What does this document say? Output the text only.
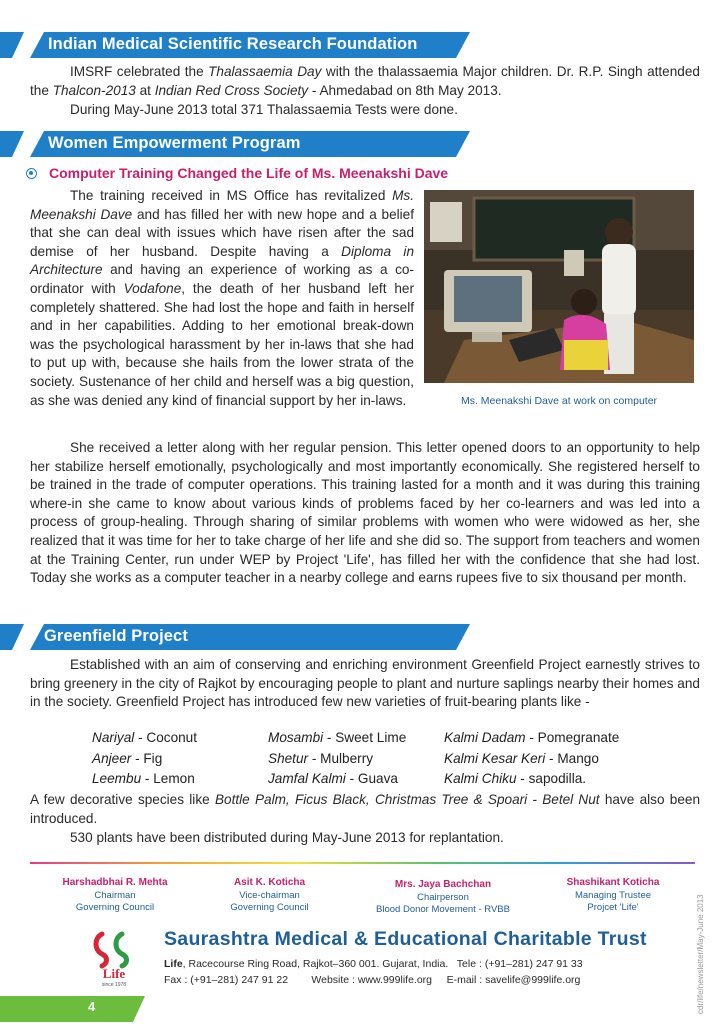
Indian Medical Scientific Research Foundation
IMSRF celebrated the Thalassaemia Day with the thalassaemia Major children. Dr. R.P. Singh attended the Thalcon-2013 at Indian Red Cross Society - Ahmedabad on 8th May 2013.
During May-June 2013 total 371 Thalassaemia Tests were done.
Women Empowerment Program
Computer Training Changed the Life of Ms. Meenakshi Dave
The training received in MS Office has revitalized Ms. Meenakshi Dave and has filled her with new hope and a belief that she can deal with issues which have risen after the sad demise of her husband. Despite having a Diploma in Architecture and having an experience of working as a co-ordinator with Vodafone, the death of her husband left her completely shattered. She had lost the hope and faith in herself and in her capabilities. Adding to her emotional break-down was the psychological harassment by her in-laws that she had to put up with, because she hails from the lower strata of the society. Sustenance of her child and herself was a big question, as she was denied any kind of financial support by her in-laws.	Ms. Meenakshi Dave at work on computer
She received a letter along with her regular pension. This letter opened doors to an opportunity to help her stabilize herself emotionally, psychologically and most importantly economically. She registered herself to be trained in the trade of computer operations. This training lasted for a month and it was during this training where-in she came to know about various kinds of problems faced by her co-learners and was led into a process of group-healing. Through sharing of similar problems with women who were widowed as her, she realized that it was time for her to take charge of her life and she did so. The support from teachers and women at the Training Center, run under WEP by Project 'Life', has filled her with the confidence that she had lost. Today she works as a computer teacher in a nearby college and earns rupees five to six thousand per month.
Greenfield Project
Established with an aim of conserving and enriching environment Greenfield Project earnestly strives to bring greenery in the city of Rajkot by encouraging people to plant and nurture saplings nearby their homes and in the society. Greenfield Project has introduced few new varieties of fruit-bearing plants like -
Nariyal - Coconut	Mosambi - Sweet Lime	Kalmi Dadam - Pomegranate
Anjeer - Fig	Shetur - Mulberry	Kalmi Kesar Keri - Mango
Leembu - Lemon	Jamfal Kalmi - Guava	Kalmi Chiku - sapodilla.
A few decorative species like Bottle Palm, Ficus Black, Christmas Tree & Spoari - Betel Nut have also been introduced.
530 plants have been distributed during May-June 2013 for replantation.
Harshadbhai R. Mehta
Chairman
Governing Council
Asit K. Koticha
Vice-chairman
Governing Council
Mrs. Jaya Bachchan
Chairperson
Blood Donor Movement - RVBB
Shashikant Koticha
Managing Trustee
Projcet 'Life'
Life
since 1978
Saurashtra Medical & Educational Charitable Trust
Life, Racecourse Ring Road, Rajkot–360 001. Gujarat, India.   Tele : (+91–281) 247 91 33
Fax : (+91–281) 247 91 22        Website : www.999life.org     E-mail : savelife@999life.org	cdr/life/newsletter/May-June 2013
4
